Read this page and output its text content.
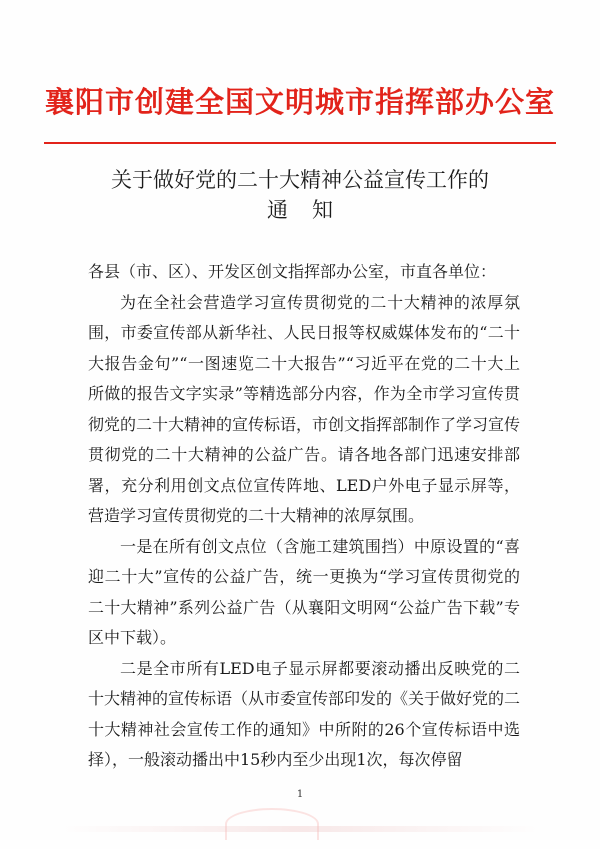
襄阳市创建全国文明城市指挥部办公室
关于做好党的二十大精神公益宣传工作的
通知

各县（市、区）、开发区创文指挥部办公室，市直各单位：

为在全社会营造学习宣传贯彻党的二十大精神的浓厚氛围，市委宣传部从新华社、人民日报等权威媒体发布的“二十大报告金句”“一图速览二十大报告”“习近平在党的二十大上所做的报告文字实录”等精选部分内容，作为全市学习宣传贯彻党的二十大精神的宣传标语，市创文指挥部制作了学习宣传贯彻党的二十大精神的公益广告。请各地各部门迅速安排部署，充分利用创文点位宣传阵地、LED户外电子显示屏等，营造学习宣传贯彻党的二十大精神的浓厚氛围。

一是在所有创文点位（含施工建筑围挡）中原设置的“喜迎二十大”宣传的公益广告，统一更换为“学习宣传贯彻党的二十大精神”系列公益广告（从襄阳文明网“公益广告下载”专区中下载）。

二是全市所有LED电子显示屏都要滚动播出反映党的二十大精神的宣传标语（从市委宣传部印发的《关于做好党的二十大精神社会宣传工作的通知》中所附的26个宣传标语中选择），一般滚动播出中15秒内至少出现1次，每次停留

1
